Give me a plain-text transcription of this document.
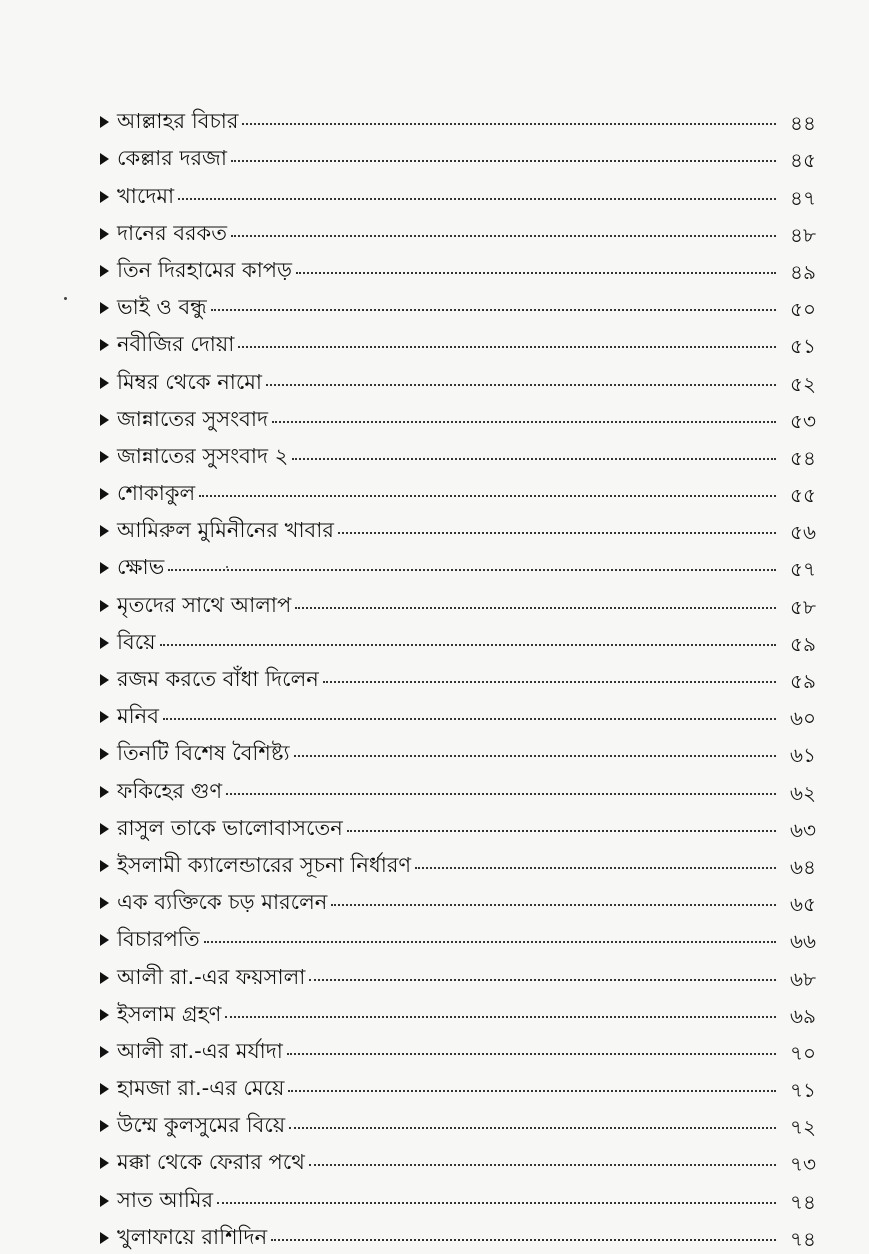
আল্লাহর বিচার	৪৪
কেল্লার দরজা	৪৫
খাদেমা	৪৭
দানের বরকত	৪৮
তিন দিরহামের কাপড়	৪৯
ভাই ও বন্ধু	৫০
নবীজির দোয়া	৫১
মিম্বর থেকে নামো	৫২
জান্নাতের সুসংবাদ	৫৩
জান্নাতের সুসংবাদ ২	৫৪
শোকাকুল	৫৫
আমিরুল মুমিনীনের খাবার	৫৬
ক্ষোভ	৫৭
মৃতদের সাথে আলাপ	৫৮
বিয়ে	৫৯
রজম করতে বাঁধা দিলেন	৫৯
মনিব	৬০
তিনটি বিশেষ বৈশিষ্ট্য	৬১
ফকিহের গুণ	৬২
রাসুল তাকে ভালোবাসতেন	৬৩
ইসলামী ক্যালেন্ডারের সূচনা নির্ধারণ	৬৪
এক ব্যক্তিকে চড় মারলেন	৬৫
বিচারপতি	৬৬
আলী রা.-এর ফয়সালা	৬৮
ইসলাম গ্রহণ	৬৯
আলী রা.-এর মর্যাদা	৭০
হামজা রা.-এর মেয়ে	৭১
উম্মে কুলসুমের বিয়ে	৭২
মক্কা থেকে ফেরার পথে	৭৩
সাত আমির	৭৪
খুলাফায়ে রাশিদিন	৭৪
